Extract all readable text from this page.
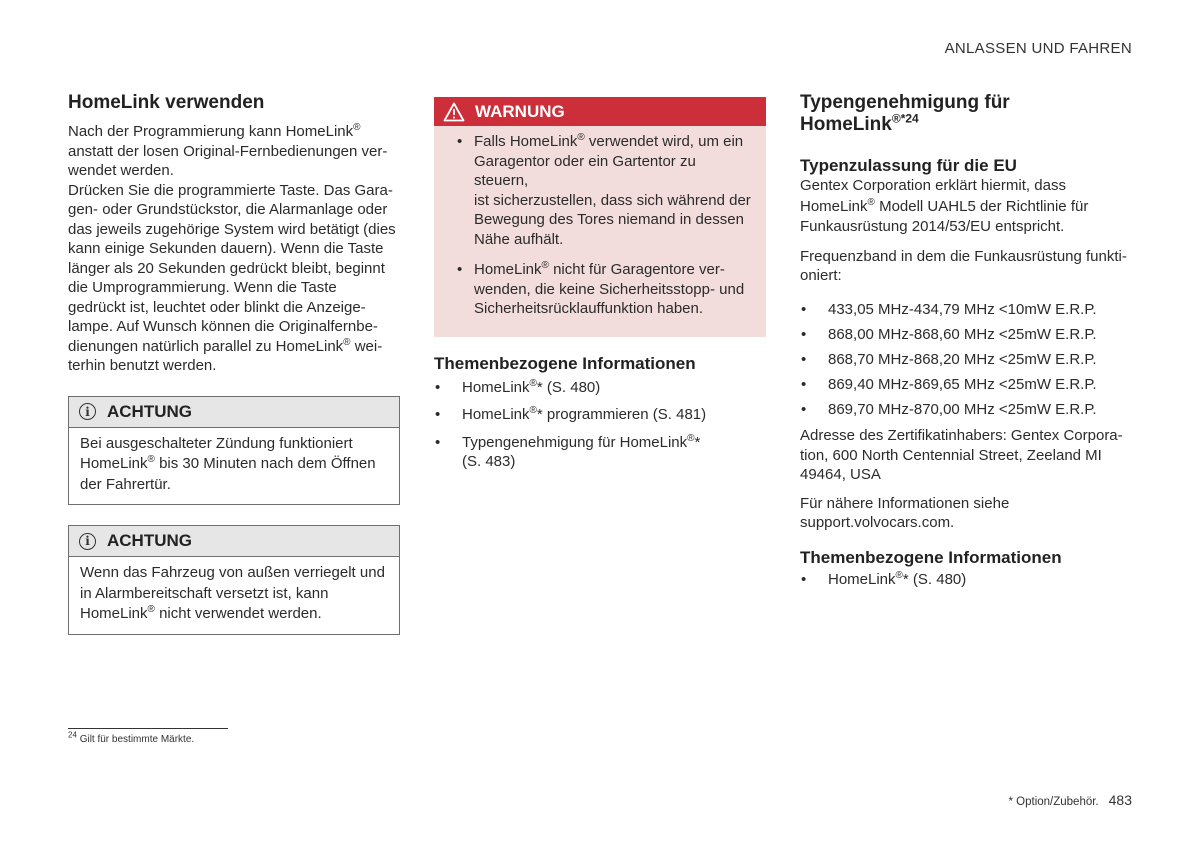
ANLASSEN UND FAHREN
HomeLink verwenden

Nach der Programmierung kann HomeLink®
anstatt der losen Original-Fernbedienungen ver-
wendet werden.

Drücken Sie die programmierte Taste. Das Gara-
gen- oder Grundstückstor, die Alarmanlage oder
das jeweils zugehörige System wird betätigt (dies
kann einige Sekunden dauern). Wenn die Taste
länger als 20 Sekunden gedrückt bleibt, beginnt
die Umprogrammierung. Wenn die Taste
gedrückt ist, leuchtet oder blinkt die Anzeige-
lampe. Auf Wunsch können die Originalfernbe-
dienungen natürlich parallel zu HomeLink® wei-
terhin benutzt werden.

i	ACHTUNG
Bei ausgeschalteter Zündung funktioniert
HomeLink® bis 30 Minuten nach dem Öffnen
der Fahrertür.
i	ACHTUNG
Wenn das Fahrzeug von außen verriegelt und
in Alarmbereitschaft versetzt ist, kann
HomeLink® nicht verwendet werden.
WARNUNG
• Falls HomeLink® verwendet wird, um ein
Garagentor oder ein Gartentor zu steuern,
ist sicherzustellen, dass sich während der
Bewegung des Tores niemand in dessen
Nähe aufhält.
• HomeLink® nicht für Garagentore ver-
wenden, die keine Sicherheitsstopp- und
Sicherheitsrücklauffunktion haben.
Themenbezogene Informationen
• HomeLink®* (S. 480)
• HomeLink®* programmieren (S. 481)
• Typengenehmigung für HomeLink®*
(S. 483)
Typengenehmigung für
HomeLink$^{®*24}$
Typenzulassung für die EU

Gentex Corporation erklärt hiermit, dass
HomeLink® Modell UAHL5 der Richtlinie für
Funkausrüstung 2014/53/EU entspricht.

Frequenzband in dem die Funkausrüstung funkti-
oniert:

• 433,05 MHz-434,79 MHz <10mW E.R.P.
• 868,00 MHz-868,60 MHz <25mW E.R.P.
• 868,70 MHz-868,20 MHz <25mW E.R.P.
• 869,40 MHz-869,65 MHz <25mW E.R.P.
• 869,70 MHz-870,00 MHz <25mW E.R.P.

Adresse des Zertifikatinhabers: Gentex Corpora-
tion, 600 North Centennial Street, Zeeland MI
49464, USA

Für nähere Informationen siehe
support.volvocars.com.

Themenbezogene Informationen
• HomeLink®* (S. 480)
$^{24}$ Gilt für bestimmte Märkte.
* Option/Zubehör. 483
